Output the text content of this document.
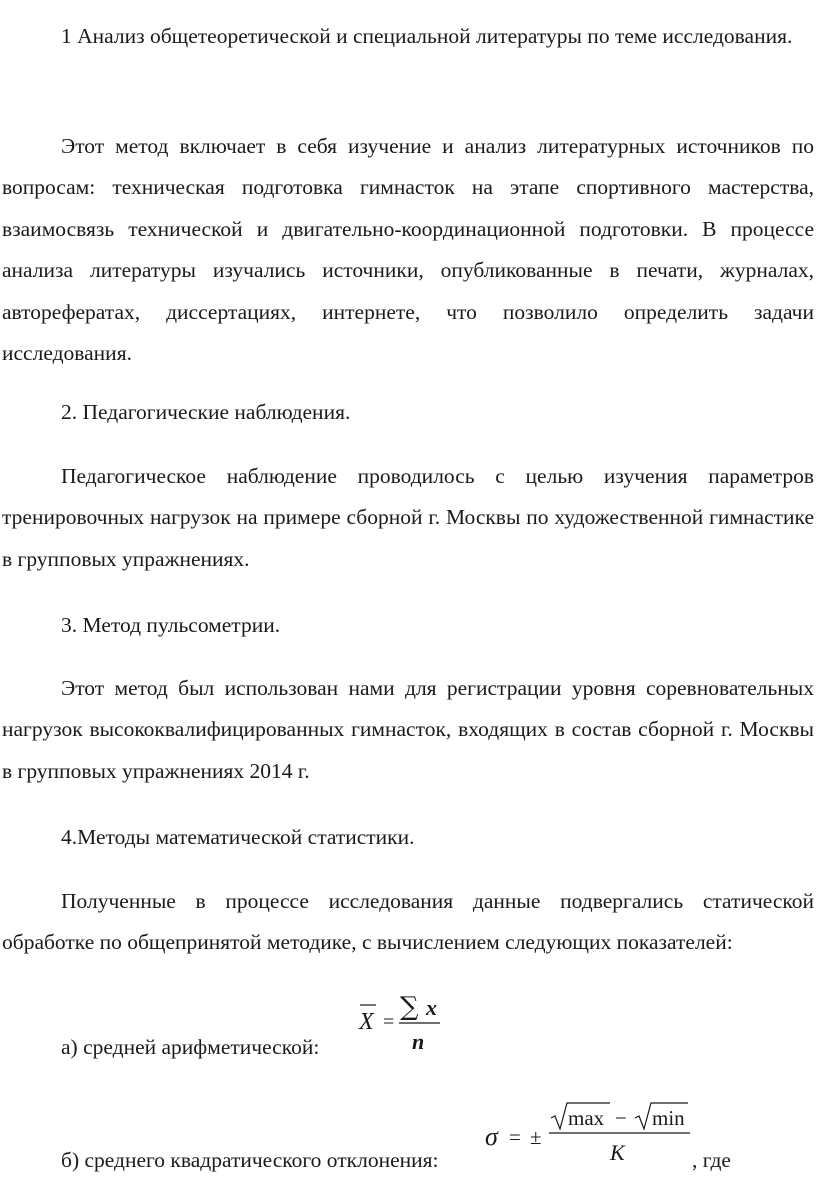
1 Анализ общетеоретической и специальной литературы по теме исследования.

Этот метод включает в себя изучение и анализ литературных источников по вопросам: техническая подготовка гимнасток на этапе спортивного мастерства, взаимосвязь технической и двигательно-координационной подготовки. В процессе анализа литературы изучались источники, опубликованные в печати, журналах, авторефератах, диссертациях, интернете, что позволило определить задачи исследования.

2. Педагогические наблюдения.

Педагогическое наблюдение проводилось с целью изучения параметров тренировочных нагрузок на примере сборной г. Москвы по художественной гимнастике в групповых упражнениях.

3. Метод пульсометрии.

Этот метод был использован нами для регистрации уровня соревновательных нагрузок высококвалифицированных гимнасток, входящих в состав сборной г. Москвы в групповых упражнениях 2014 г.

4.Методы математической статистики.

Полученные в процессе исследования данные подвергались статической обработке по общепринятой методике, с вычислением следующих показателей:

а) средней арифметической:

X = ∑ x
n

б) среднего квадратического отклонения:

σ = ±
max − min
K	, где
